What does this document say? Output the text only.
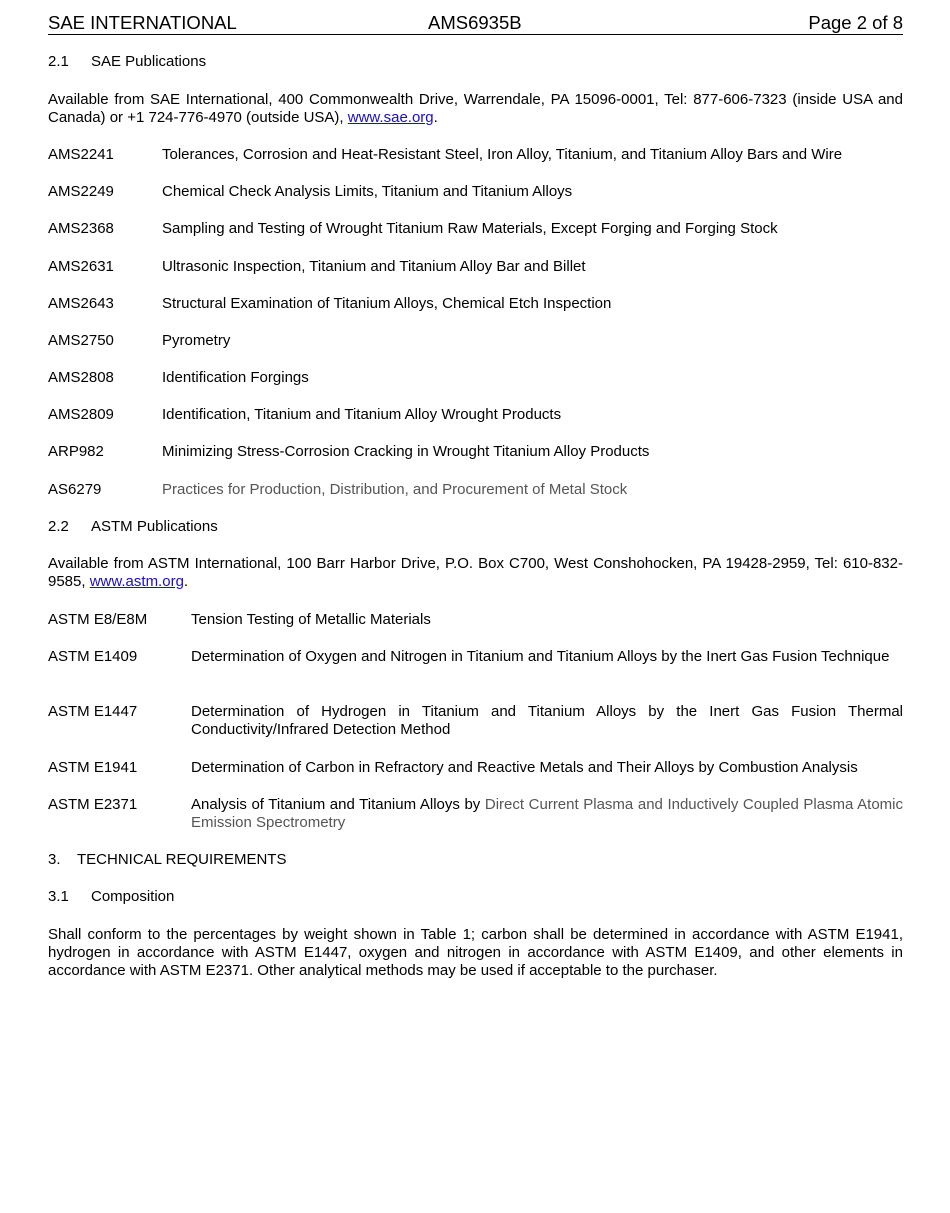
SAE INTERNATIONAL	AMS6935B	Page 2 of 8
2.1 SAE Publications
Available from SAE International, 400 Commonwealth Drive, Warrendale, PA 15096-0001, Tel: 877-606-7323 (inside USA and Canada) or +1 724-776-4970 (outside USA), www.sae.org.
AMS2241	Tolerances, Corrosion and Heat-Resistant Steel, Iron Alloy, Titanium, and Titanium Alloy Bars and Wire
AMS2249	Chemical Check Analysis Limits, Titanium and Titanium Alloys
AMS2368	Sampling and Testing of Wrought Titanium Raw Materials, Except Forging and Forging Stock
AMS2631	Ultrasonic Inspection, Titanium and Titanium Alloy Bar and Billet
AMS2643	Structural Examination of Titanium Alloys, Chemical Etch Inspection
AMS2750	Pyrometry
AMS2808	Identification Forgings
AMS2809	Identification, Titanium and Titanium Alloy Wrought Products
ARP982	Minimizing Stress-Corrosion Cracking in Wrought Titanium Alloy Products
AS6279	Practices for Production, Distribution, and Procurement of Metal Stock
2.2 ASTM Publications
Available from ASTM International, 100 Barr Harbor Drive, P.O. Box C700, West Conshohocken, PA 19428-2959, Tel: 610-832-9585, www.astm.org.
ASTM E8/E8M	Tension Testing of Metallic Materials
ASTM E1409	Determination of Oxygen and Nitrogen in Titanium and Titanium Alloys by the Inert Gas Fusion Technique
ASTM E1447	Determination of Hydrogen in Titanium and Titanium Alloys by the Inert Gas Fusion Thermal Conductivity/Infrared Detection Method
ASTM E1941	Determination of Carbon in Refractory and Reactive Metals and Their Alloys by Combustion Analysis
ASTM E2371	Analysis of Titanium and Titanium Alloys by Direct Current Plasma and Inductively Coupled Plasma Atomic Emission Spectrometry
3. TECHNICAL REQUIREMENTS
3.1 Composition
Shall conform to the percentages by weight shown in Table 1; carbon shall be determined in accordance with ASTM E1941, hydrogen in accordance with ASTM E1447, oxygen and nitrogen in accordance with ASTM E1409, and other elements in accordance with ASTM E2371. Other analytical methods may be used if acceptable to the purchaser.
